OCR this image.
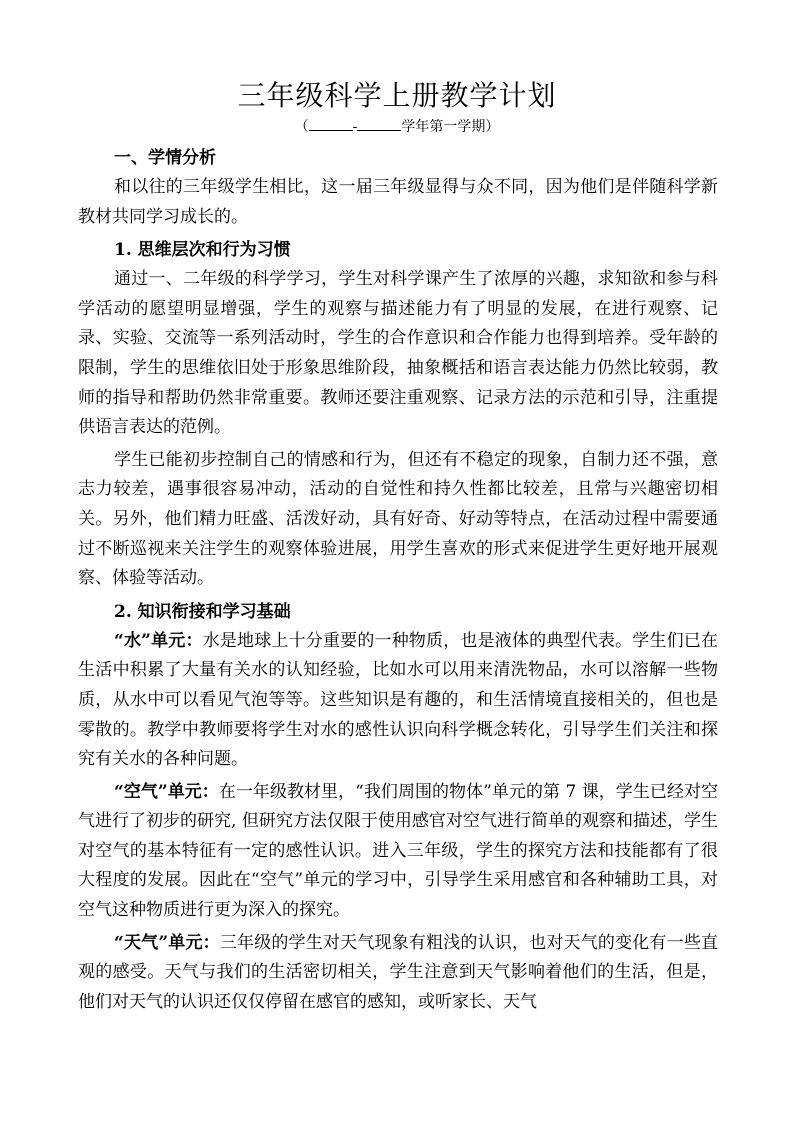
三年级科学上册教学计划
（	-	学年第一学期）
一、学情分析

和以往的三年级学生相比，这一届三年级显得与众不同，因为他们是伴随科学新教材共同学习成长的。

1. 思维层次和行为习惯

通过一、二年级的科学学习，学生对科学课产生了浓厚的兴趣，求知欲和参与科学活动的愿望明显增强，学生的观察与描述能力有了明显的发展，在进行观察、记录、实验、交流等一系列活动时，学生的合作意识和合作能力也得到培养。受年龄的限制，学生的思维依旧处于形象思维阶段，抽象概括和语言表达能力仍然比较弱，教师的指导和帮助仍然非常重要。教师还要注重观察、记录方法的示范和引导，注重提供语言表达的范例。

学生已能初步控制自己的情感和行为，但还有不稳定的现象，自制力还不强，意志力较差，遇事很容易冲动，活动的自觉性和持久性都比较差，且常与兴趣密切相关。另外，他们精力旺盛、活泼好动，具有好奇、好动等特点，在活动过程中需要通过不断巡视来关注学生的观察体验进展，用学生喜欢的形式来促进学生更好地开展观察、体验等活动。

2. 知识衔接和学习基础

“水”单元：水是地球上十分重要的一种物质，也是液体的典型代表。学生们已在生活中积累了大量有关水的认知经验，比如水可以用来清洗物品，水可以溶解一些物质，从水中可以看见气泡等等。这些知识是有趣的，和生活情境直接相关的，但也是零散的。教学中教师要将学生对水的感性认识向科学概念转化，引导学生们关注和探究有关水的各种问题。

“空气”单元：在一年级教材里，“我们周围的物体”单元的第 7 课，学生已经对空气进行了初步的研究, 但研究方法仅限于使用感官对空气进行简单的观察和描述，学生对空气的基本特征有一定的感性认识。进入三年级，学生的探究方法和技能都有了很大程度的发展。因此在“空气”单元的学习中，引导学生采用感官和各种辅助工具，对空气这种物质进行更为深入的探究。

“天气”单元：三年级的学生对天气现象有粗浅的认识，也对天气的变化有一些直观的感受。天气与我们的生活密切相关，学生注意到天气影响着他们的生活，但是，他们对天气的认识还仅仅停留在感官的感知，或听家长、天气
